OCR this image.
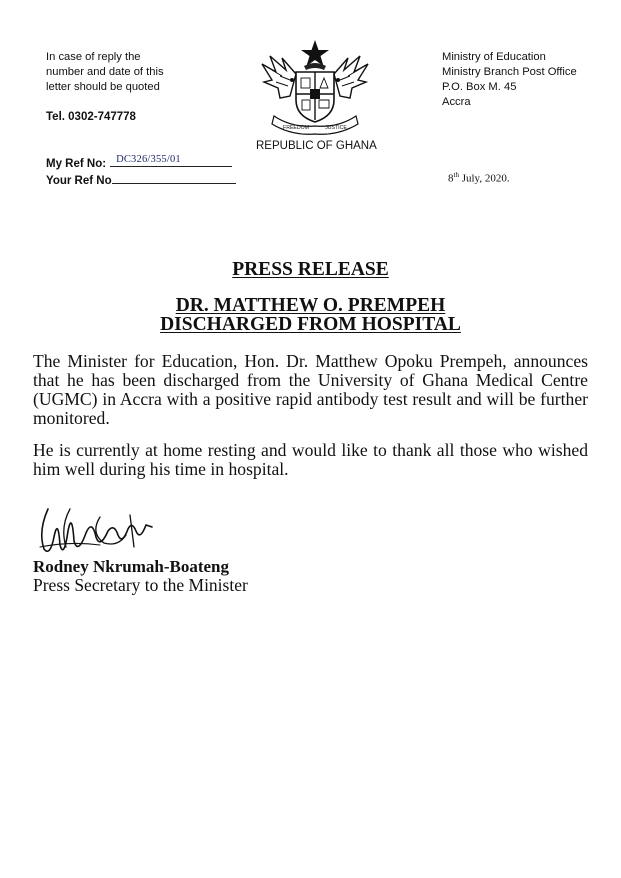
In case of reply the
number and date of this
letter should be quoted
Tel. 0302-747778
FREEDOM	JUSTICE
REPUBLIC OF GHANA
Ministry of Education
Ministry Branch Post Office
P.O. Box M. 45
Accra
My Ref No: DC326/355/01
Your Ref No	8th July, 2020.
PRESS RELEASE
DR. MATTHEW O. PREMPEH
DISCHARGED FROM HOSPITAL
The Minister for Education, Hon. Dr. Matthew Opoku Prempeh, announces that he has been discharged from the University of Ghana Medical Centre (UGMC) in Accra with a positive rapid antibody test result and will be further monitored.
He is currently at home resting and would like to thank all those who wished him well during his time in hospital.
Rodney Nkrumah-Boateng
Press Secretary to the Minister
